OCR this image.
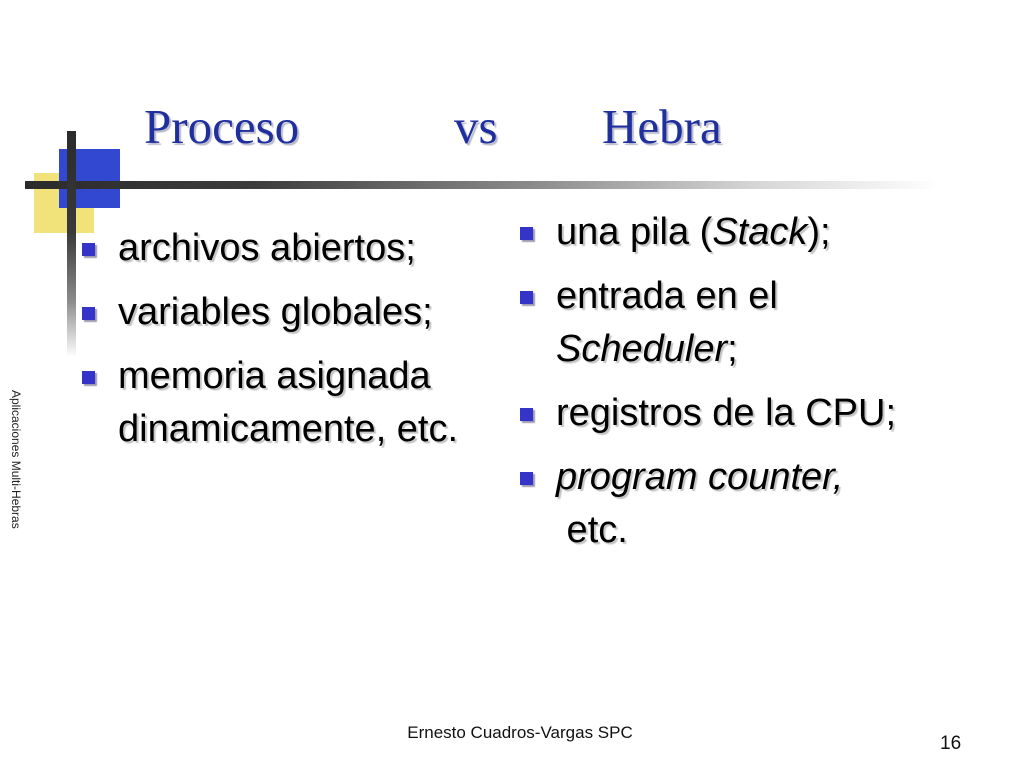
Proceso	vs Hebra
Aplicaciones Multi-Hebras
archivos abiertos;
variables globales;
memoria asignada dinamicamente, etc.
una pila (Stack);
entrada en el
Scheduler;
registros de la CPU;
program counter,
etc.
Ernesto Cuadros-Vargas SPC
16
